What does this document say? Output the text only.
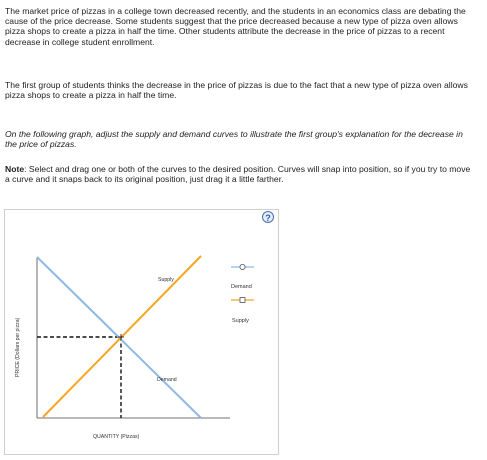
The market price of pizzas in a college town decreased recently, and the students in an economics class are debating the cause of the price decrease. Some students suggest that the price decreased because a new type of pizza oven allows pizza shops to create a pizza in half the time. Other students attribute the decrease in the price of pizzas to a recent decrease in college student enrollment.

The first group of students thinks the decrease in the price of pizzas is due to the fact that a new type of pizza oven allows pizza shops to create a pizza in half the time.

On the following graph, adjust the supply and demand curves to illustrate the first group's explanation for the decrease in the price of pizzas.

Note: Select and drag one or both of the curves to the desired position. Curves will snap into position, so if you try to move a curve and it snaps back to its original position, just drag it a little farther.

Supply
Demand
QUANTITY (Pizzas)
PRICE (Dollars per pizza)
Demand
Supply
?
